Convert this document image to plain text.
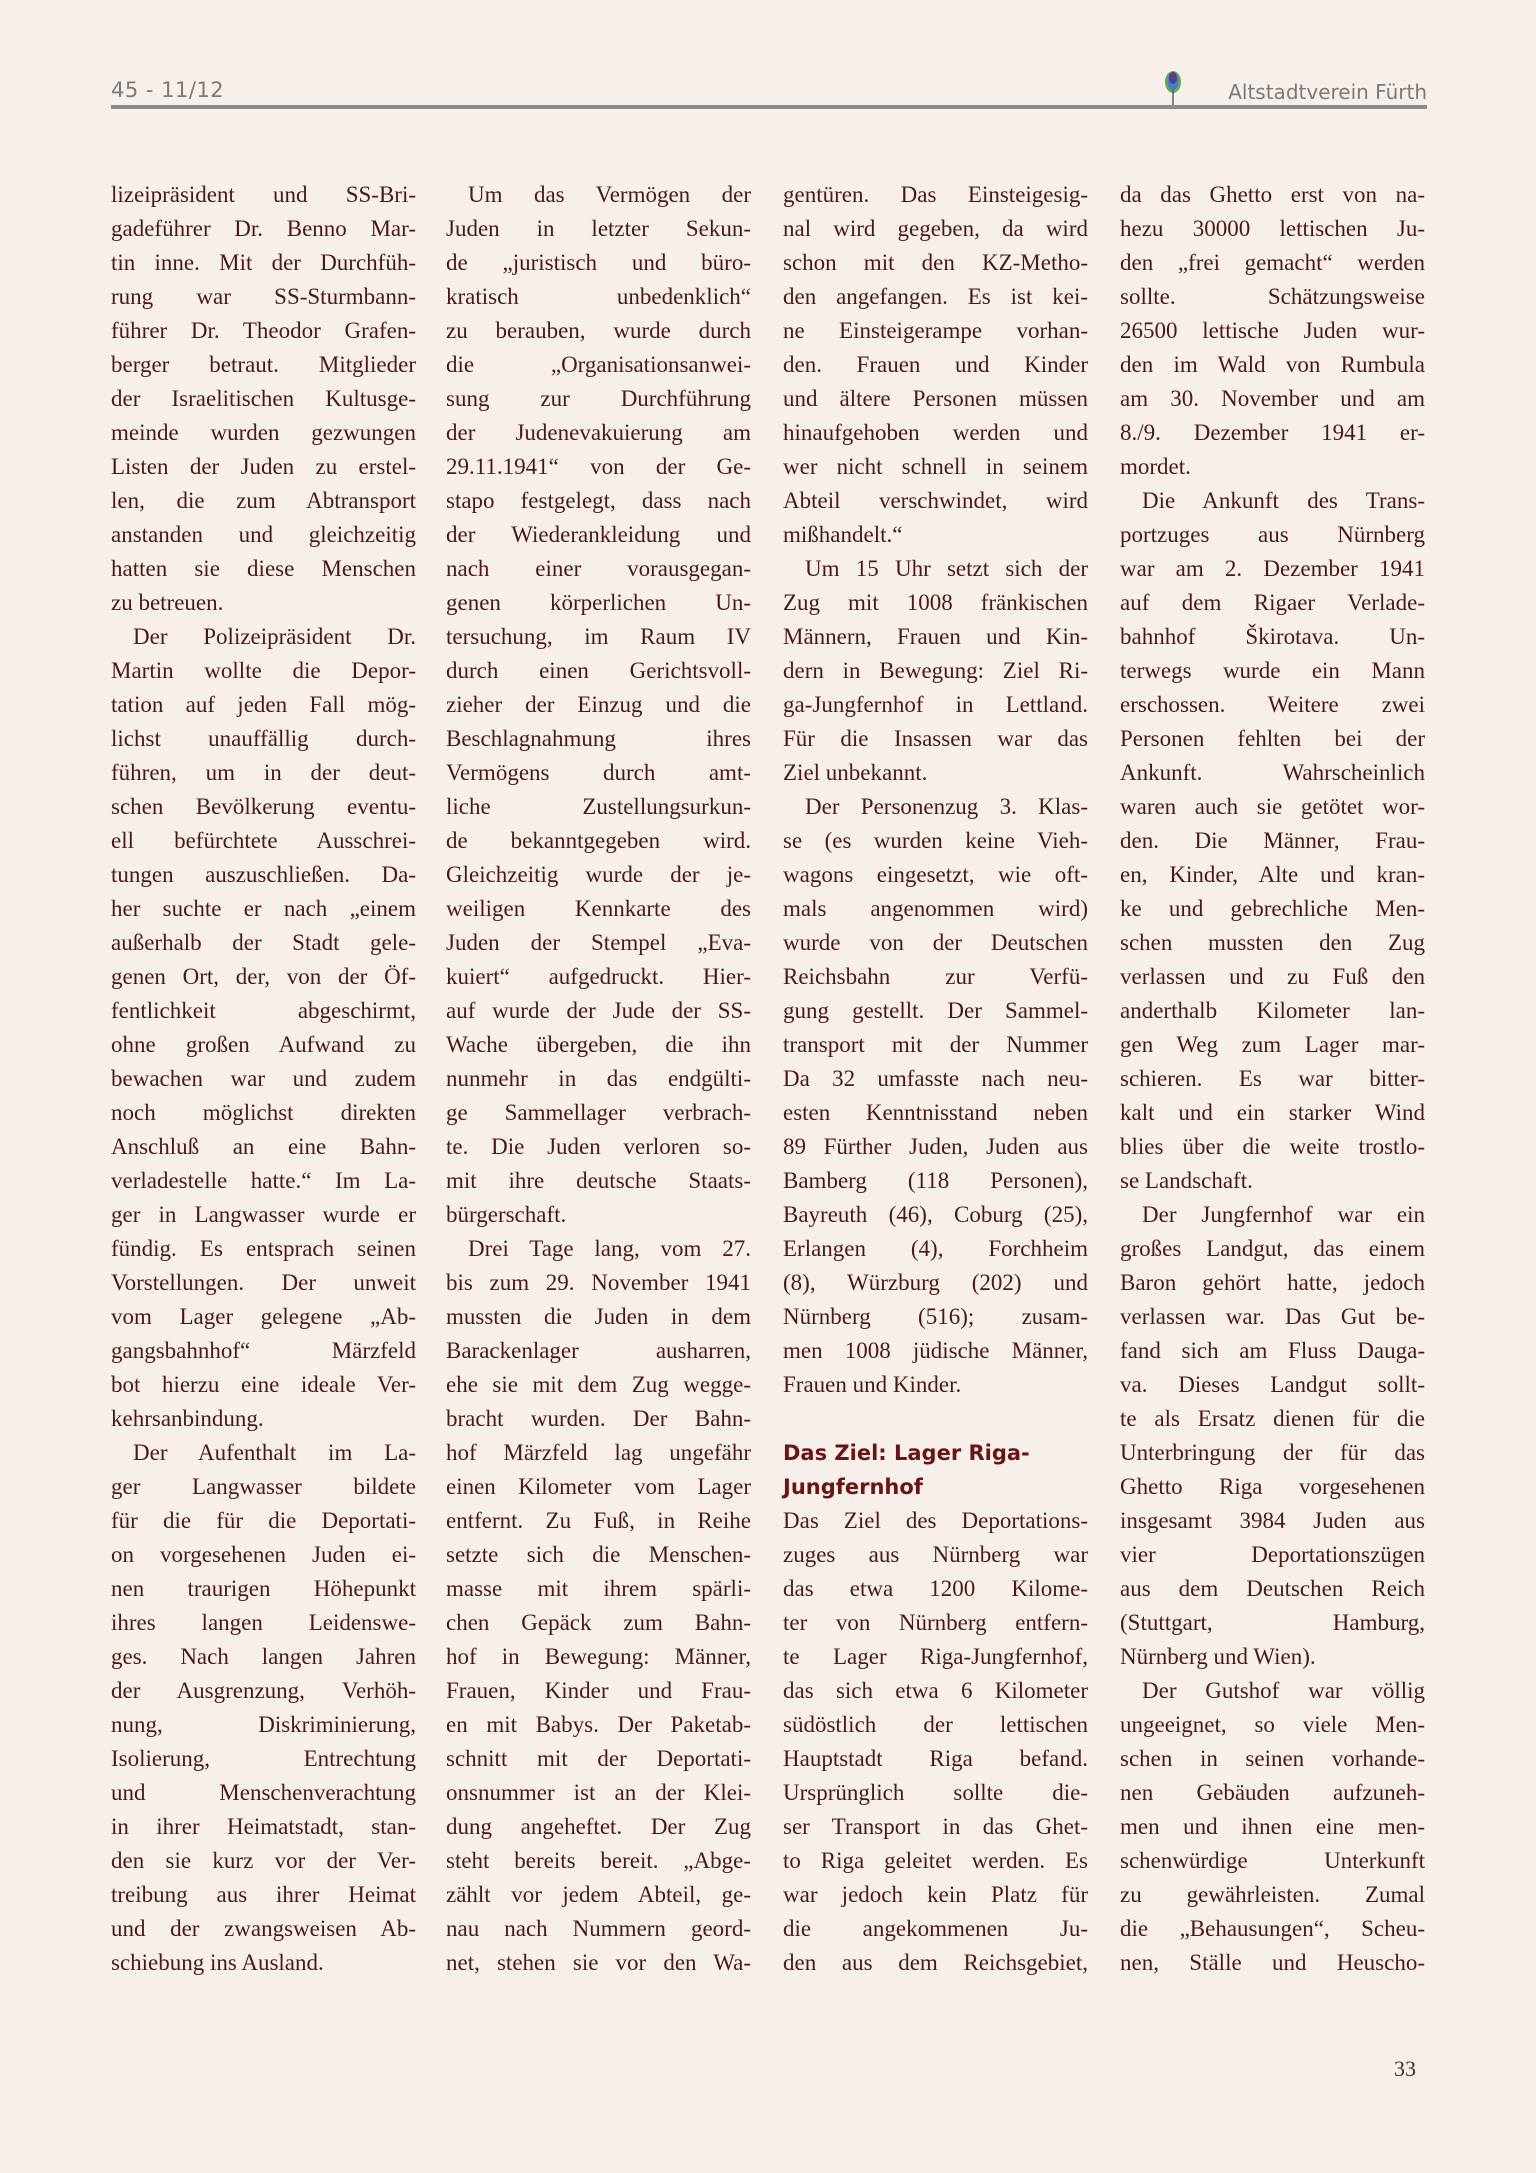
45 - 11/12	Altstadtverein Fürth
lizeipräsident und SS-Bri-
gadeführer Dr. Benno Mar-
tin inne. Mit der Durchfüh-
rung war SS-Sturmbann-
führer Dr. Theodor Grafen-
berger betraut. Mitglieder
der Israelitischen Kultusge-
meinde wurden gezwungen
Listen der Juden zu erstel-
len, die zum Abtransport
anstanden und gleichzeitig
hatten sie diese Menschen
zu betreuen.
Der Polizeipräsident Dr.
Martin wollte die Depor-
tation auf jeden Fall mög-
lichst unauffällig durch-
führen, um in der deut-
schen Bevölkerung eventu-
ell befürchtete Ausschrei-
tungen auszuschließen. Da-
her suchte er nach „einem
außerhalb der Stadt gele-
genen Ort, der, von der Öf-
fentlichkeit abgeschirmt,
ohne großen Aufwand zu
bewachen war und zudem
noch möglichst direkten
Anschluß an eine Bahn-
verladestelle hatte.“ Im La-
ger in Langwasser wurde er
fündig. Es entsprach seinen
Vorstellungen. Der unweit
vom Lager gelegene „Ab-
gangsbahnhof“ Märzfeld
bot hierzu eine ideale Ver-
kehrsanbindung.
Der Aufenthalt im La-
ger Langwasser bildete
für die für die Deportati-
on vorgesehenen Juden ei-
nen traurigen Höhepunkt
ihres langen Leidenswe-
ges. Nach langen Jahren
der Ausgrenzung, Verhöh-
nung, Diskriminierung,
Isolierung, Entrechtung
und Menschenverachtung
in ihrer Heimatstadt, stan-
den sie kurz vor der Ver-
treibung aus ihrer Heimat
und der zwangsweisen Ab-
schiebung ins Ausland.
Um das Vermögen der
Juden in letzter Sekun-
de „juristisch und büro-
kratisch unbedenklich“
zu berauben, wurde durch
die „Organisationsanwei-
sung zur Durchführung
der Judenevakuierung am
29.11.1941“ von der Ge-
stapo festgelegt, dass nach
der Wiederankleidung und
nach einer vorausgegan-
genen körperlichen Un-
tersuchung, im Raum IV
durch einen Gerichtsvoll-
zieher der Einzug und die
Beschlagnahmung ihres
Vermögens durch amt-
liche Zustellungsurkun-
de bekanntgegeben wird.
Gleichzeitig wurde der je-
weiligen Kennkarte des
Juden der Stempel „Eva-
kuiert“ aufgedruckt. Hier-
auf wurde der Jude der SS-
Wache übergeben, die ihn
nunmehr in das endgülti-
ge Sammellager verbrach-
te. Die Juden verloren so-
mit ihre deutsche Staats-
bürgerschaft.
Drei Tage lang, vom 27.
bis zum 29. November 1941
mussten die Juden in dem
Barackenlager ausharren,
ehe sie mit dem Zug wegge-
bracht wurden. Der Bahn-
hof Märzfeld lag ungefähr
einen Kilometer vom Lager
entfernt. Zu Fuß, in Reihe
setzte sich die Menschen-
masse mit ihrem spärli-
chen Gepäck zum Bahn-
hof in Bewegung: Männer,
Frauen, Kinder und Frau-
en mit Babys. Der Paketab-
schnitt mit der Deportati-
onsnummer ist an der Klei-
dung angeheftet. Der Zug
steht bereits bereit. „Abge-
zählt vor jedem Abteil, ge-
nau nach Nummern geord-
net, stehen sie vor den Wa-
gentüren. Das Einsteigesig-
nal wird gegeben, da wird
schon mit den KZ-Metho-
den angefangen. Es ist kei-
ne Einsteigerampe vorhan-
den. Frauen und Kinder
und ältere Personen müssen
hinaufgehoben werden und
wer nicht schnell in seinem
Abteil verschwindet, wird
mißhandelt.“
Um 15 Uhr setzt sich der
Zug mit 1008 fränkischen
Männern, Frauen und Kin-
dern in Bewegung: Ziel Ri-
ga-Jungfernhof in Lettland.
Für die Insassen war das
Ziel unbekannt.
Der Personenzug 3. Klas-
se (es wurden keine Vieh-
wagons eingesetzt, wie oft-
mals angenommen wird)
wurde von der Deutschen
Reichsbahn zur Verfü-
gung gestellt. Der Sammel-
transport mit der Nummer
Da 32 umfasste nach neu-
esten Kenntnisstand neben
89 Fürther Juden, Juden aus
Bamberg (118 Personen),
Bayreuth (46), Coburg (25),
Erlangen (4), Forchheim
(8), Würzburg (202) und
Nürnberg (516); zusam-
men 1008 jüdische Männer,
Frauen und Kinder.
Das Ziel: Lager Riga-
Jungfernhof
Das Ziel des Deportations-
zuges aus Nürnberg war
das etwa 1200 Kilome-
ter von Nürnberg entfern-
te Lager Riga-Jungfernhof,
das sich etwa 6 Kilometer
südöstlich der lettischen
Hauptstadt Riga befand.
Ursprünglich sollte die-
ser Transport in das Ghet-
to Riga geleitet werden. Es
war jedoch kein Platz für
die angekommenen Ju-
den aus dem Reichsgebiet,
da das Ghetto erst von na-
hezu 30000 lettischen Ju-
den „frei gemacht“ werden
sollte. Schätzungsweise
26500 lettische Juden wur-
den im Wald von Rumbula
am 30. November und am
8./9. Dezember 1941 er-
mordet.
Die Ankunft des Trans-
portzuges aus Nürnberg
war am 2. Dezember 1941
auf dem Rigaer Verlade-
bahnhof Škirotava. Un-
terwegs wurde ein Mann
erschossen. Weitere zwei
Personen fehlten bei der
Ankunft. Wahrscheinlich
waren auch sie getötet wor-
den. Die Männer, Frau-
en, Kinder, Alte und kran-
ke und gebrechliche Men-
schen mussten den Zug
verlassen und zu Fuß den
anderthalb Kilometer lan-
gen Weg zum Lager mar-
schieren. Es war bitter-
kalt und ein starker Wind
blies über die weite trostlo-
se Landschaft.
Der Jungfernhof war ein
großes Landgut, das einem
Baron gehört hatte, jedoch
verlassen war. Das Gut be-
fand sich am Fluss Dauga-
va. Dieses Landgut sollt-
te als Ersatz dienen für die
Unterbringung der für das
Ghetto Riga vorgesehenen
insgesamt 3984 Juden aus
vier Deportationszügen
aus dem Deutschen Reich
(Stuttgart, Hamburg,
Nürnberg und Wien).
Der Gutshof war völlig
ungeeignet, so viele Men-
schen in seinen vorhande-
nen Gebäuden aufzuneh-
men und ihnen eine men-
schenwürdige Unterkunft
zu gewährleisten. Zumal
die „Behausungen“, Scheu-
nen, Ställe und Heuscho-
33
